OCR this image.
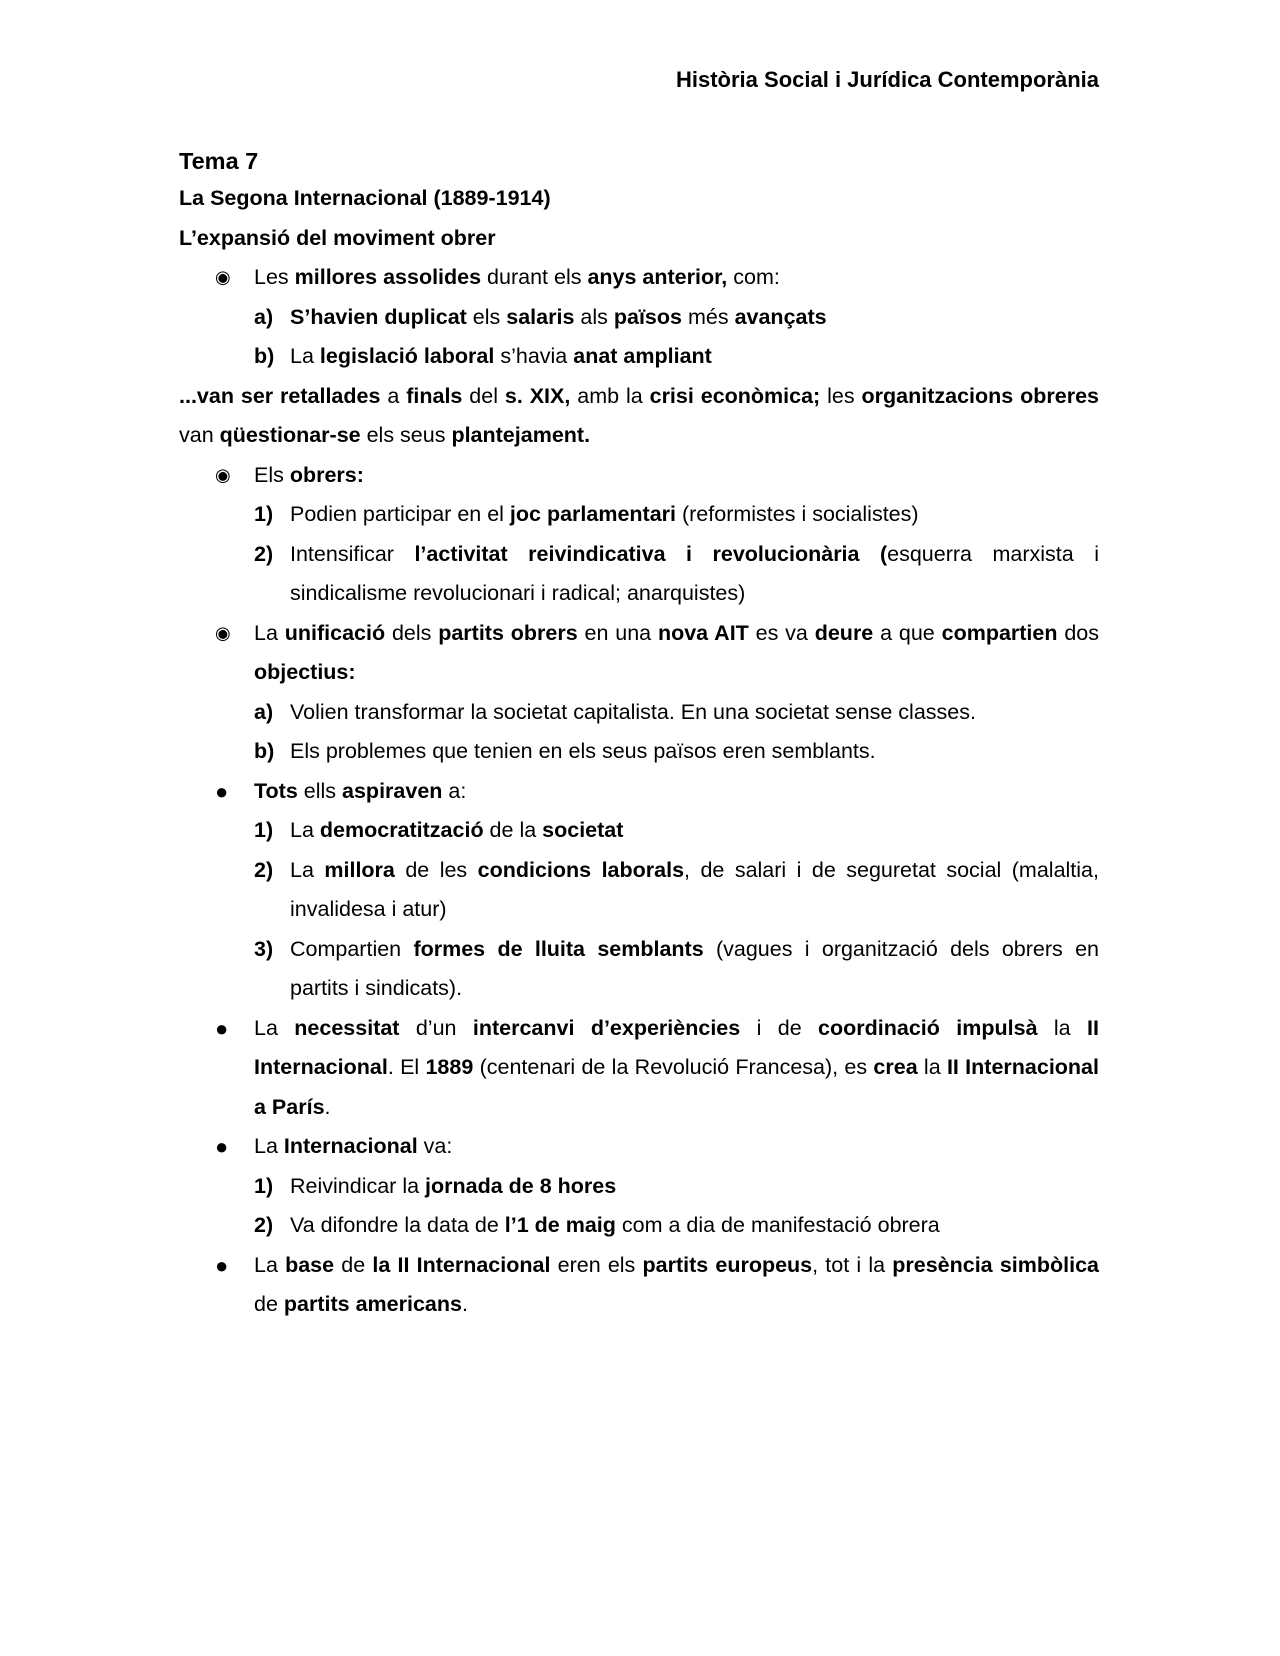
Història Social i Jurídica Contemporània
Tema 7
La Segona Internacional (1889-1914)
L’expansió del moviment obrer
◉ Les millores assolides durant els anys anterior, com:
a) S’havien duplicat els salaris als països més avançats
b) La legislació laboral s’havia anat ampliant
...van ser retallades a finals del s. XIX, amb la crisi econòmica; les organitzacions obreres van qüestionar-se els seus plantejament.
◉ Els obrers:
1) Podien participar en el joc parlamentari (reformistes i socialistes)
2) Intensificar l’activitat reivindicativa i revolucionària (esquerra marxista i sindicalisme revolucionari i radical; anarquistes)
◉ La unificació dels partits obrers en una nova AIT es va deure a que compartien dos objectius:
a) Volien transformar la societat capitalista. En una societat sense classes.
b) Els problemes que tenien en els seus països eren semblants.
● Tots ells aspiraven a:
1) La democratització de la societat
2) La millora de les condicions laborals, de salari i de seguretat social (malaltia, invalidesa i atur)
3) Compartien formes de lluita semblants (vagues i organització dels obrers en partits i sindicats).
● La necessitat d’un intercanvi d’experiències i de coordinació impulsà la II Internacional. El 1889 (centenari de la Revolució Francesa), es crea la II Internacional a París.
● La Internacional va:
1) Reivindicar la jornada de 8 hores
2) Va difondre la data de l’1 de maig com a dia de manifestació obrera
● La base de la II Internacional eren els partits europeus, tot i la presència simbòlica de partits americans.
